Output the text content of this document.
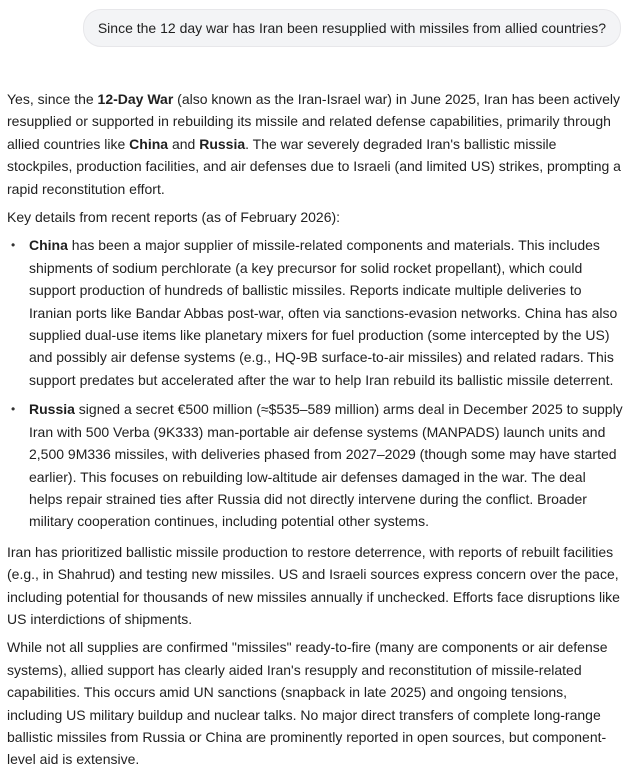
Since the 12 day war has Iran been resupplied with missiles from allied countries?

Yes, since the 12-Day War (also known as the Iran-Israel war) in June 2025, Iran has been actively resupplied or supported in rebuilding its missile and related defense capabilities, primarily through allied countries like China and Russia. The war severely degraded Iran's ballistic missile stockpiles, production facilities, and air defenses due to Israeli (and limited US) strikes, prompting a rapid reconstitution effort.

Key details from recent reports (as of February 2026):

• China has been a major supplier of missile-related components and materials. This includes shipments of sodium perchlorate (a key precursor for solid rocket propellant), which could support production of hundreds of ballistic missiles. Reports indicate multiple deliveries to Iranian ports like Bandar Abbas post-war, often via sanctions-evasion networks. China has also supplied dual-use items like planetary mixers for fuel production (some intercepted by the US) and possibly air defense systems (e.g., HQ-9B surface-to-air missiles) and related radars. This support predates but accelerated after the war to help Iran rebuild its ballistic missile deterrent.
• Russia signed a secret €500 million (≈$535–589 million) arms deal in December 2025 to supply Iran with 500 Verba (9K333) man-portable air defense systems (MANPADS) launch units and 2,500 9M336 missiles, with deliveries phased from 2027–2029 (though some may have started earlier). This focuses on rebuilding low-altitude air defenses damaged in the war. The deal helps repair strained ties after Russia did not directly intervene during the conflict. Broader military cooperation continues, including potential other systems.

Iran has prioritized ballistic missile production to restore deterrence, with reports of rebuilt facilities (e.g., in Shahrud) and testing new missiles. US and Israeli sources express concern over the pace, including potential for thousands of new missiles annually if unchecked. Efforts face disruptions like US interdictions of shipments.

While not all supplies are confirmed "missiles" ready-to-fire (many are components or air defense systems), allied support has clearly aided Iran's resupply and reconstitution of missile-related capabilities. This occurs amid UN sanctions (snapback in late 2025) and ongoing tensions, including US military buildup and nuclear talks. No major direct transfers of complete long-range ballistic missiles from Russia or China are prominently reported in open sources, but component-level aid is extensive.
